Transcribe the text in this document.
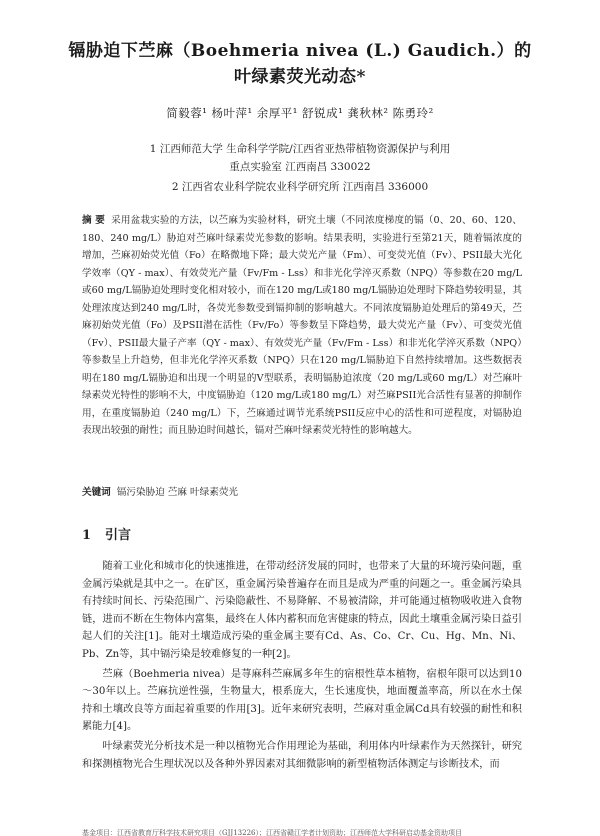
镉胁迫下苎麻（Boehmeria nivea (L.) Gaudich.）的
叶绿素荧光动态*
简毅蓉¹ 杨叶萍¹ 余厚平¹ 舒锐成¹ 龚秋林² 陈勇玲²
1 江西师范大学 生命科学学院/江西省亚热带植物资源保护与利用
重点实验室 江西南昌 330022
2 江西省农业科学院农业科学研究所 江西南昌 336000
摘 要 采用盆栽实验的方法，以苎麻为实验材料，研究土壤（不同浓度梯度的镉（0、20、60、120、180、240 mg/L）胁迫对苎麻叶绿素荧光参数的影响。结果表明，实验进行至第21天，随着镉浓度的增加，苎麻初始荧光值（Fo）在略微地下降；最大荧光产量（Fm）、可变荧光值（Fv）、PSII最大光化学效率（QY - max）、有效荧光产量（Fv/Fm - Lss）和非光化学淬灭系数（NPQ）等参数在20 mg/L或60 mg/L镉胁迫处理时变化相对较小，而在120 mg/L或180 mg/L镉胁迫处理时下降趋势较明显，其处理浓度达到240 mg/L时，各荧光参数受到镉抑制的影响越大。不同浓度镉胁迫处理后的第49天，苎麻初始荧光值（Fo）及PSII潜在活性（Fv/Fo）等参数呈下降趋势，最大荧光产量（Fv）、可变荧光值（Fv）、PSII最大量子产率（QY - max）、有效荧光产量（Fv/Fm - Lss）和非光化学淬灭系数（NPQ）等参数呈上升趋势，但非光化学淬灭系数（NPQ）只在120 mg/L镉胁迫下自然持续增加。这些数据表明在180 mg/L镉胁迫和出现一个明显的V型联系，表明镉胁迫浓度（20 mg/L或60 mg/L）对苎麻叶绿素荧光特性的影响不大，中度镉胁迫（120 mg/L或180 mg/L）对苎麻PSII光合活性有显著的抑制作用，在重度镉胁迫（240 mg/L）下，苎麻通过调节光系统PSII反应中心的活性和可逆程度，对镉胁迫表现出较强的耐性；而且胁迫时间越长，镉对苎麻叶绿素荧光特性的影响越大。
关键词 镉污染胁迫 苎麻 叶绿素荧光
1 引言

随着工业化和城市化的快速推进，在带动经济发展的同时，也带来了大量的环境污染问题，重金属污染就是其中之一。在矿区，重金属污染普遍存在而且是成为严重的问题之一。重金属污染具有持续时间长、污染范围广、污染隐蔽性、不易降解、不易被清除，并可能通过植物吸收进入食物链，进而不断在生物体内富集，最终在人体内蓄积而危害健康的特点，因此土壤重金属污染日益引起人们的关注[1]。能对土壤造成污染的重金属主要有Cd、As、Co、Cr、Cu、Hg、Mn、Ni、Pb、Zn等，其中镉污染是较难修复的一种[2]。

苎麻（Boehmeria nivea）是荨麻科苎麻属多年生的宿根性草本植物，宿根年限可以达到10～30年以上。苎麻抗逆性强，生物量大，根系庞大，生长速度快，地面覆盖率高，所以在水土保持和土壤改良等方面起着重要的作用[3]。近年来研究表明，苎麻对重金属Cd具有较强的耐性和积累能力[4]。

叶绿素荧光分析技术是一种以植物光合作用理论为基础，利用体内叶绿素作为天然探针，研究和探测植物光合生理状况以及各种外界因素对其细微影响的新型植物活体测定与诊断技术，而

基金项目：江西省教育厅科学技术研究项目（GJJ13226）；江西省赣江学者计划资助；江西师范大学科研启动基金资助项目
